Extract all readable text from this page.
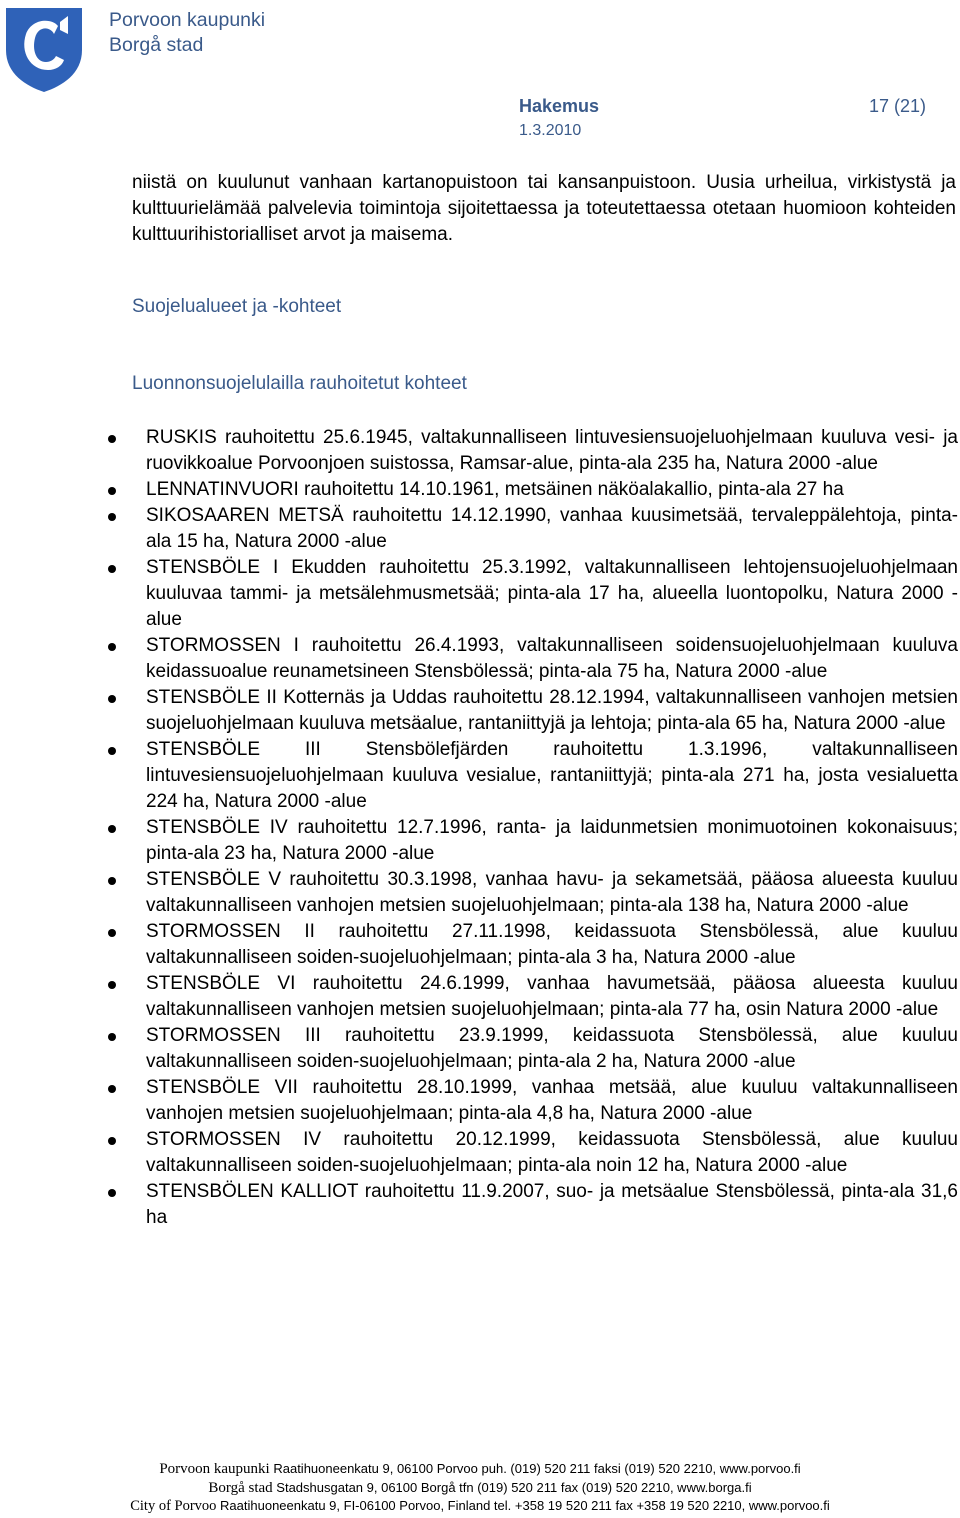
Porvoon kaupunki
Borgå stad
Hakemus
1.3.2010
17 (21)
niistä on kuulunut vanhaan kartanopuistoon tai kansanpuistoon. Uusia urheilua, virkistystä ja kulttuurielämää palvelevia toimintoja sijoitettaessa ja toteutettaessa otetaan huomioon kohteiden kulttuurihistorialliset arvot ja maisema.
Suojelualueet ja -kohteet
Luonnonsuojelulailla rauhoitetut kohteet
RUSKIS rauhoitettu 25.6.1945, valtakunnalliseen lintuvesiensuojeluohjelmaan kuuluva vesi- ja ruovikkoalue Porvoonjoen suistossa, Ramsar-alue, pinta-ala 235 ha, Natura 2000 -alue
LENNATINVUORI rauhoitettu 14.10.1961, metsäinen näköalakallio, pinta-ala 27 ha
SIKOSAAREN METSÄ rauhoitettu 14.12.1990, vanhaa kuusimetsää, tervaleppälehtoja, pinta-ala 15 ha, Natura 2000 -alue
STENSBÖLE I Ekudden rauhoitettu 25.3.1992, valtakunnalliseen lehtojensuojeluohjelmaan kuuluvaa tammi- ja metsälehmusmetsää; pinta-ala 17 ha, alueella luontopolku, Natura 2000 -alue
STORMOSSEN I rauhoitettu 26.4.1993, valtakunnalliseen soidensuojeluohjelmaan kuuluva keidassuoalue reunametsineen Stensbölessä; pinta-ala 75 ha, Natura 2000 -alue
STENSBÖLE II Kotternäs ja Uddas rauhoitettu 28.12.1994, valtakunnalliseen vanhojen metsien suojeluohjelmaan kuuluva metsäalue, rantaniittyjä ja lehtoja; pinta-ala 65 ha, Natura 2000 -alue
STENSBÖLE III Stensbölefjärden rauhoitettu 1.3.1996, valtakunnalliseen lintuvesiensuojeluohjelmaan kuuluva vesialue, rantaniittyjä; pinta-ala 271 ha, josta vesialuetta 224 ha, Natura 2000 -alue
STENSBÖLE IV rauhoitettu 12.7.1996, ranta- ja laidunmetsien monimuotoinen kokonaisuus; pinta-ala 23 ha, Natura 2000 -alue
STENSBÖLE V rauhoitettu 30.3.1998, vanhaa havu- ja sekametsää, pääosa alueesta kuuluu valtakunnalliseen vanhojen metsien suojeluohjelmaan; pinta-ala 138 ha, Natura 2000 -alue
STORMOSSEN II rauhoitettu 27.11.1998, keidassuota Stensbölessä, alue kuuluu valtakunnalliseen soiden-suojeluohjelmaan; pinta-ala 3 ha, Natura 2000 -alue
STENSBÖLE VI rauhoitettu 24.6.1999, vanhaa havumetsää, pääosa alueesta kuuluu valtakunnalliseen vanhojen metsien suojeluohjelmaan; pinta-ala 77 ha, osin Natura 2000 -alue
STORMOSSEN III rauhoitettu 23.9.1999, keidassuota Stensbölessä, alue kuuluu valtakunnalliseen soiden-suojeluohjelmaan; pinta-ala 2 ha, Natura 2000 -alue
STENSBÖLE VII rauhoitettu 28.10.1999, vanhaa metsää, alue kuuluu valtakunnalliseen vanhojen metsien suojeluohjelmaan; pinta-ala 4,8 ha, Natura 2000 -alue
STORMOSSEN IV rauhoitettu 20.12.1999, keidassuota Stensbölessä, alue kuuluu valtakunnalliseen soiden-suojeluohjelmaan; pinta-ala noin 12 ha, Natura 2000 -alue
STENSBÖLEN KALLIOT rauhoitettu 11.9.2007, suo- ja metsäalue Stensbölessä, pinta-ala 31,6 ha
Porvoon kaupunki Raatihuoneenkatu 9, 06100 Porvoo puh. (019) 520 211 faksi (019) 520 2210, www.porvoo.fi
Borgå stad Stadshusgatan 9, 06100 Borgå tfn (019) 520 211 fax (019) 520 2210, www.borga.fi
City of Porvoo Raatihuoneenkatu 9, FI-06100 Porvoo, Finland tel. +358 19 520 211 fax +358 19 520 2210, www.porvoo.fi
